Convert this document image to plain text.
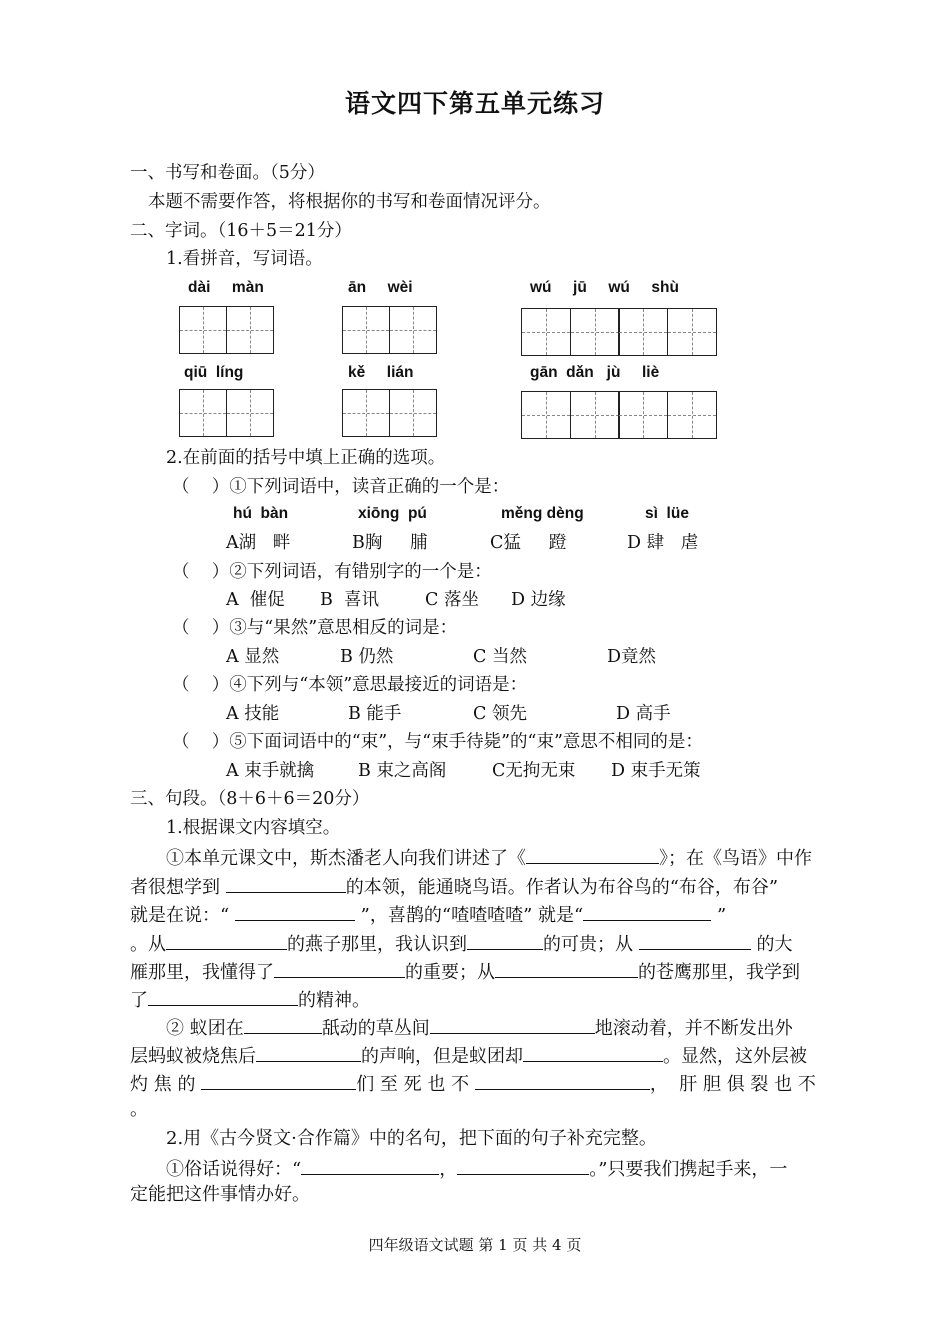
语文四下第五单元练习
一、书写和卷面。（5分）
本题不需要作答，将根据你的书写和卷面情况评分。
二、字词。（16＋5＝21分）
1.看拼音，写词语。
dài     màn	ān     wèi	wú     jū     wú     shù
qiū  líng	kě     lián	gān  dǎn   jù     liè
2.在前面的括号中填上正确的选项。
（    ）①下列词语中，读音正确的一个是：
hú  bàn	xiōng  pú	měng dèng	sì  lüe
A湖   畔	B胸     脯	C猛     蹬	D 肆   虐
（    ）②下列词语，有错别字的一个是：
A  催促 B  喜讯	C 落坐 D 边缘
（    ）③与“果然”意思相反的词是：
A 显然	B 仍然	C 当然	D竟然
（    ）④下列与“本领”意思最接近的词语是：
A 技能	B 能手	C 领先	D 高手
（    ）⑤下面词语中的“束”，与“束手待毙”的“束”意思不相同的是：
A 束手就擒	B 束之高阁	C无拘无束 D 束手无策
三、句段。（8＋6＋6＝20分）
1.根据课文内容填空。
①本单元课文中，斯杰潘老人向我们讲述了《	》；在《鸟语》中作
者很想学到	的本领，能通晓鸟语。作者认为布谷鸟的“布谷，布谷”
就是在说：“	”，喜鹊的“喳喳喳喳” 就是“	”
。从	的燕子那里，我认识到	的可贵；从	的大
雁那里，我懂得了	的重要；从	的苍鹰那里，我学到
了	的精神。
② 蚁团在	舐动的草丛间	地滚动着，并不断发出外
层蚂蚁被烧焦后	的声响，但是蚁团却	。显然，这外层被
灼 焦 的	们 至 死 也 不	，  肝 胆 俱 裂 也 不
。
2.用《古今贤文·合作篇》中的名句，把下面的句子补充完整。
①俗话说得好：“	，	。”只要我们携起手来，一
定能把这件事情办好。
四年级语文试题 第 1 页 共 4 页
